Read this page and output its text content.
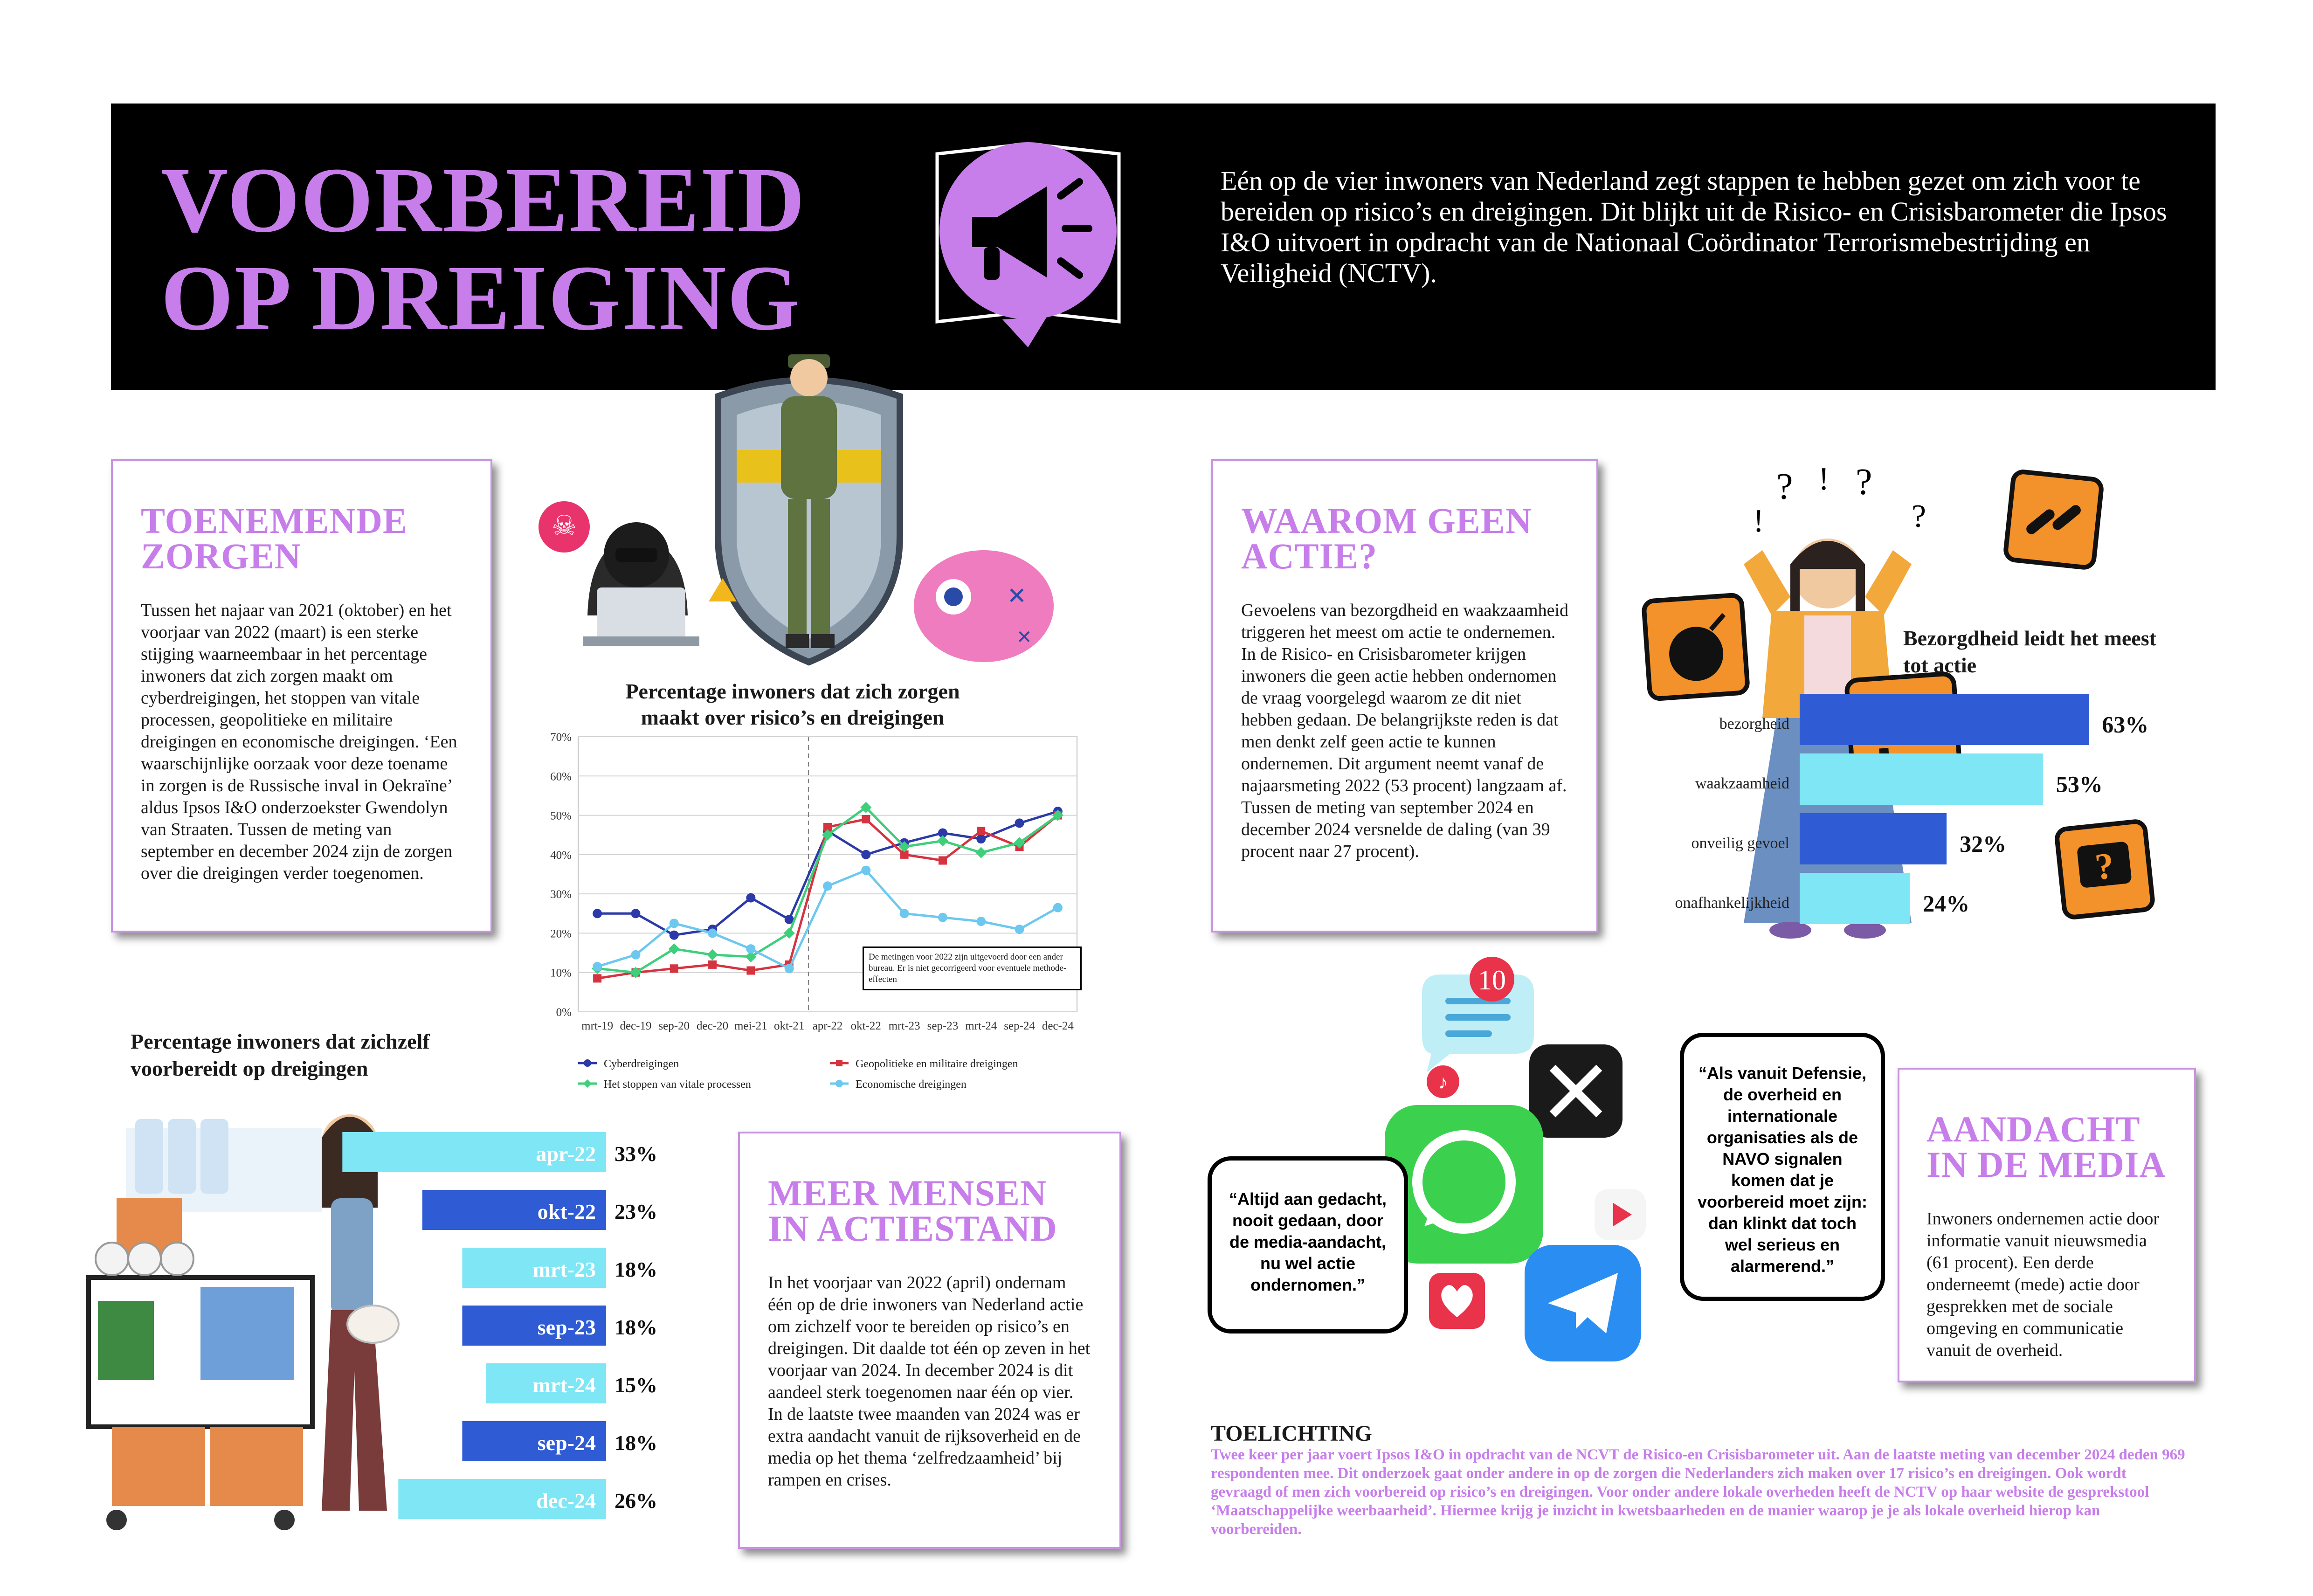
VOORBEREID
OP DREIGING
Eén op de vier inwoners van Nederland zegt stappen te hebben gezet om zich voor te bereiden op risico’s en dreigingen. Dit blijkt uit de Risico- en Crisisbarometer die Ipsos I&O uitvoert in opdracht van de Nationaal Coördinator Terrorismebestrijding en Veiligheid (NCTV).
TOENEMENDE ZORGEN

Tussen het najaar van 2021 (oktober) en het voorjaar van 2022 (maart) is een sterke stijging waarneembaar in het percentage inwoners dat zich zorgen maakt om cyberdreigingen, het stoppen van vitale processen, geopolitieke en militaire dreigingen en economische dreigingen. ‘Een waarschijnlijke oorzaak voor deze toename in zorgen is de Russische inval in Oekraïne’ aldus Ipsos I&O onderzoekster Gwendolyn van Straaten. Tussen de meting van september en december 2024 zijn de zorgen over die dreigingen verder toegenomen.

☠
✕
✕
Percentage inwoners dat zich zorgen maakt over risico’s en dreigingen
0%
10%
20%
30%
40%
50%
60%
70%
mrt-19 dec-19 sep-20 dec-20 mei-21 okt-21 apr-22 okt-22 mrt-23 sep-23 mrt-24 sep-24 dec-24
Cyberdreigingen	Geopolitieke en militaire dreigingen
Het stoppen van vitale processen	Economische dreigingen
De metingen voor 2022 zijn uitgevoerd door een ander bureau. Er is niet gecorrigeerd voor eventuele methode-effecten
Percentage inwoners dat zichzelf voorbereidt op dreigingen
apr-22 33%
okt-22 23%
mrt-23 18%
sep-23 18%
mrt-24 15%
sep-24 18%
dec-24 26%
MEER MENSEN IN ACTIESTAND

In het voorjaar van 2022 (april) ondernam één op de drie inwoners van Nederland actie om zichzelf voor te bereiden op risico’s en dreigingen. Dit daalde tot één op zeven in het voorjaar van 2024. In december 2024 is dit aandeel sterk toegenomen naar één op vier. In de laatste twee maanden van 2024 was er extra aandacht vanuit de rijksoverheid en de media op het thema ‘zelfredzaamheid’ bij rampen en crises.

WAAROM GEEN ACTIE?

Gevoelens van bezorgdheid en waakzaamheid triggeren het meest om actie te ondernemen. In de Risico- en Crisisbarometer krijgen inwoners die geen actie hebben ondernomen de vraag voorgelegd waarom ze dit niet hebben gedaan. De belangrijkste reden is dat men denkt zelf geen actie te kunnen ondernemen. Dit argument neemt vanaf de najaarsmeting 2022 (53 procent) langzaam af. Tussen de meting van september 2024 en december 2024 versnelde de daling (van 39 procent naar 27 procent).

? ! ?
!	?
?
Bezorgdheid leidt het meest tot actie
bezorgheid	63%
waakzaamheid	53%
onveilig gevoel	32%
onafhankelijkheid	24%
10
♪
“Altijd aan gedacht, nooit gedaan, door de media-aandacht, nu wel actie ondernomen.”
“Als vanuit Defensie, de overheid en internationale organisaties als de NAVO signalen komen dat je voorbereid moet zijn: dan klinkt dat toch wel serieus en alarmerend.”
AANDACHT IN DE MEDIA

Inwoners ondernemen actie door informatie vanuit nieuwsmedia (61 procent). Een derde onderneemt (mede) actie door gesprekken met de sociale omgeving en communicatie vanuit de overheid.

TOELICHTING
Twee keer per jaar voert Ipsos I&O in opdracht van de NCVT de Risico-en Crisisbarometer uit. Aan de laatste meting van december 2024 deden 969 respondenten mee. Dit onderzoek gaat onder andere in op de zorgen die Nederlanders zich maken over 17 risico’s en dreigingen. Ook wordt gevraagd of men zich voorbereid op risico’s en dreigingen. Voor onder andere lokale overheden heeft de NCTV op haar website de gesprekstool ‘Maatschappelijke weerbaarheid’. Hiermee krijg je inzicht in kwetsbaarheden en de manier waarop je je als lokale overheid hierop kan voorbereiden.
